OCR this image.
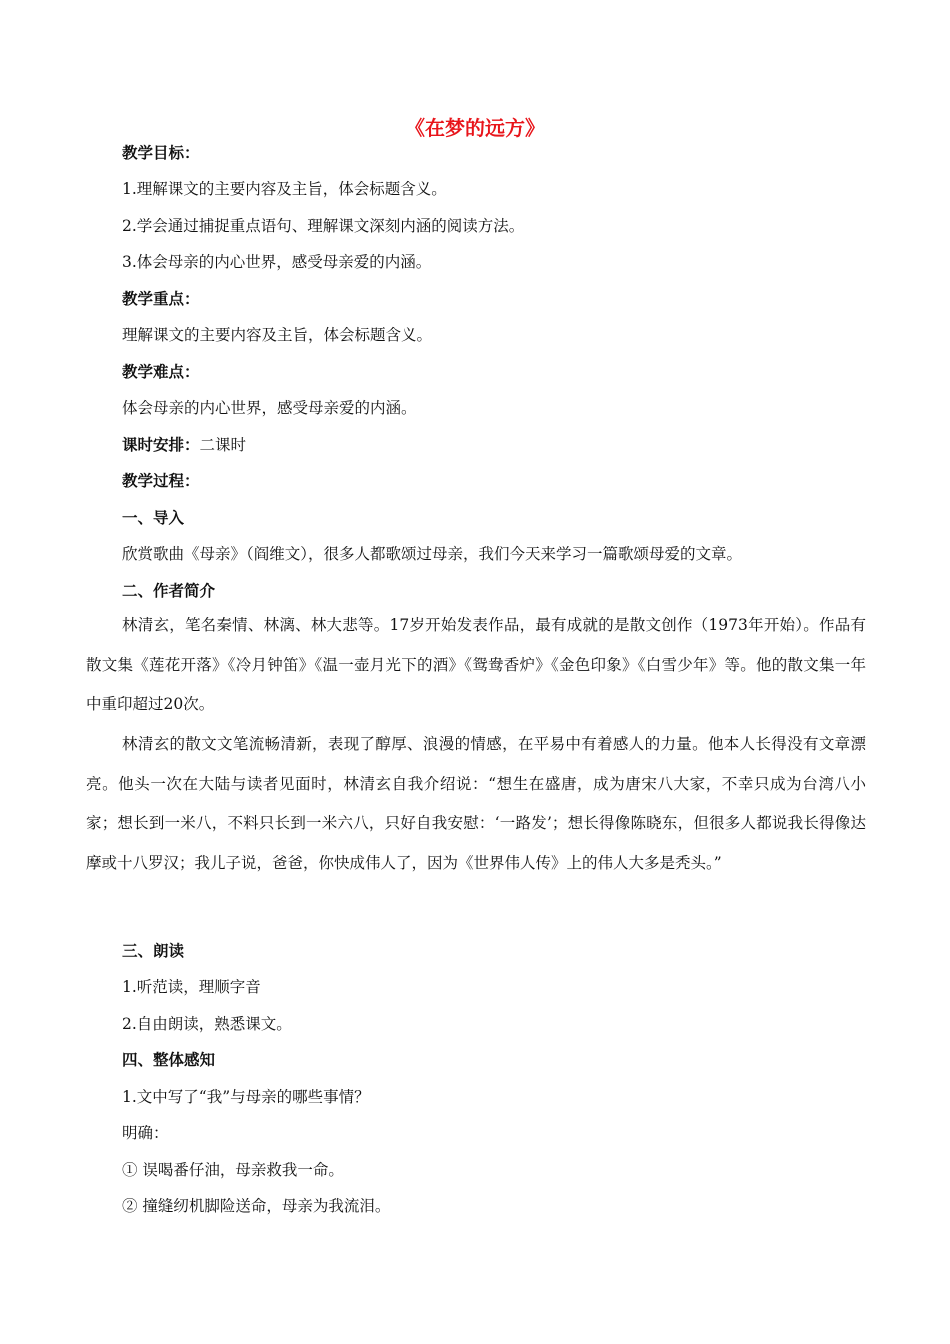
《在梦的远方》
教学目标：
1.理解课文的主要内容及主旨，体会标题含义。
2.学会通过捕捉重点语句、理解课文深刻内涵的阅读方法。
3.体会母亲的内心世界，感受母亲爱的内涵。
教学重点：
理解课文的主要内容及主旨，体会标题含义。
教学难点：
体会母亲的内心世界，感受母亲爱的内涵。
课时安排：二课时
教学过程：
一、导入
欣赏歌曲《母亲》（阎维文），很多人都歌颂过母亲，我们今天来学习一篇歌颂母爱的文章。
二、作者简介
林清玄，笔名秦情、林漓、林大悲等。17岁开始发表作品，最有成就的是散文创作（1973年开始）。作品有散文集《莲花开落》《冷月钟笛》《温一壶月光下的酒》《鸳鸯香炉》《金色印象》《白雪少年》等。他的散文集一年中重印超过20次。
林清玄的散文文笔流畅清新，表现了醇厚、浪漫的情感，在平易中有着感人的力量。他本人长得没有文章漂亮。他头一次在大陆与读者见面时，林清玄自我介绍说：“想生在盛唐，成为唐宋八大家，不幸只成为台湾八小家；想长到一米八，不料只长到一米六八，只好自我安慰：‘一路发’；想长得像陈晓东，但很多人都说我长得像达摩或十八罗汉；我儿子说，爸爸，你快成伟人了，因为《世界伟人传》上的伟人大多是秃头。”
三、朗读
1.听范读，理顺字音
2.自由朗读，熟悉课文。
四、整体感知
1.文中写了“我”与母亲的哪些事情？
明确：
① 误喝番仔油，母亲救我一命。
② 撞缝纫机脚险送命，母亲为我流泪。
